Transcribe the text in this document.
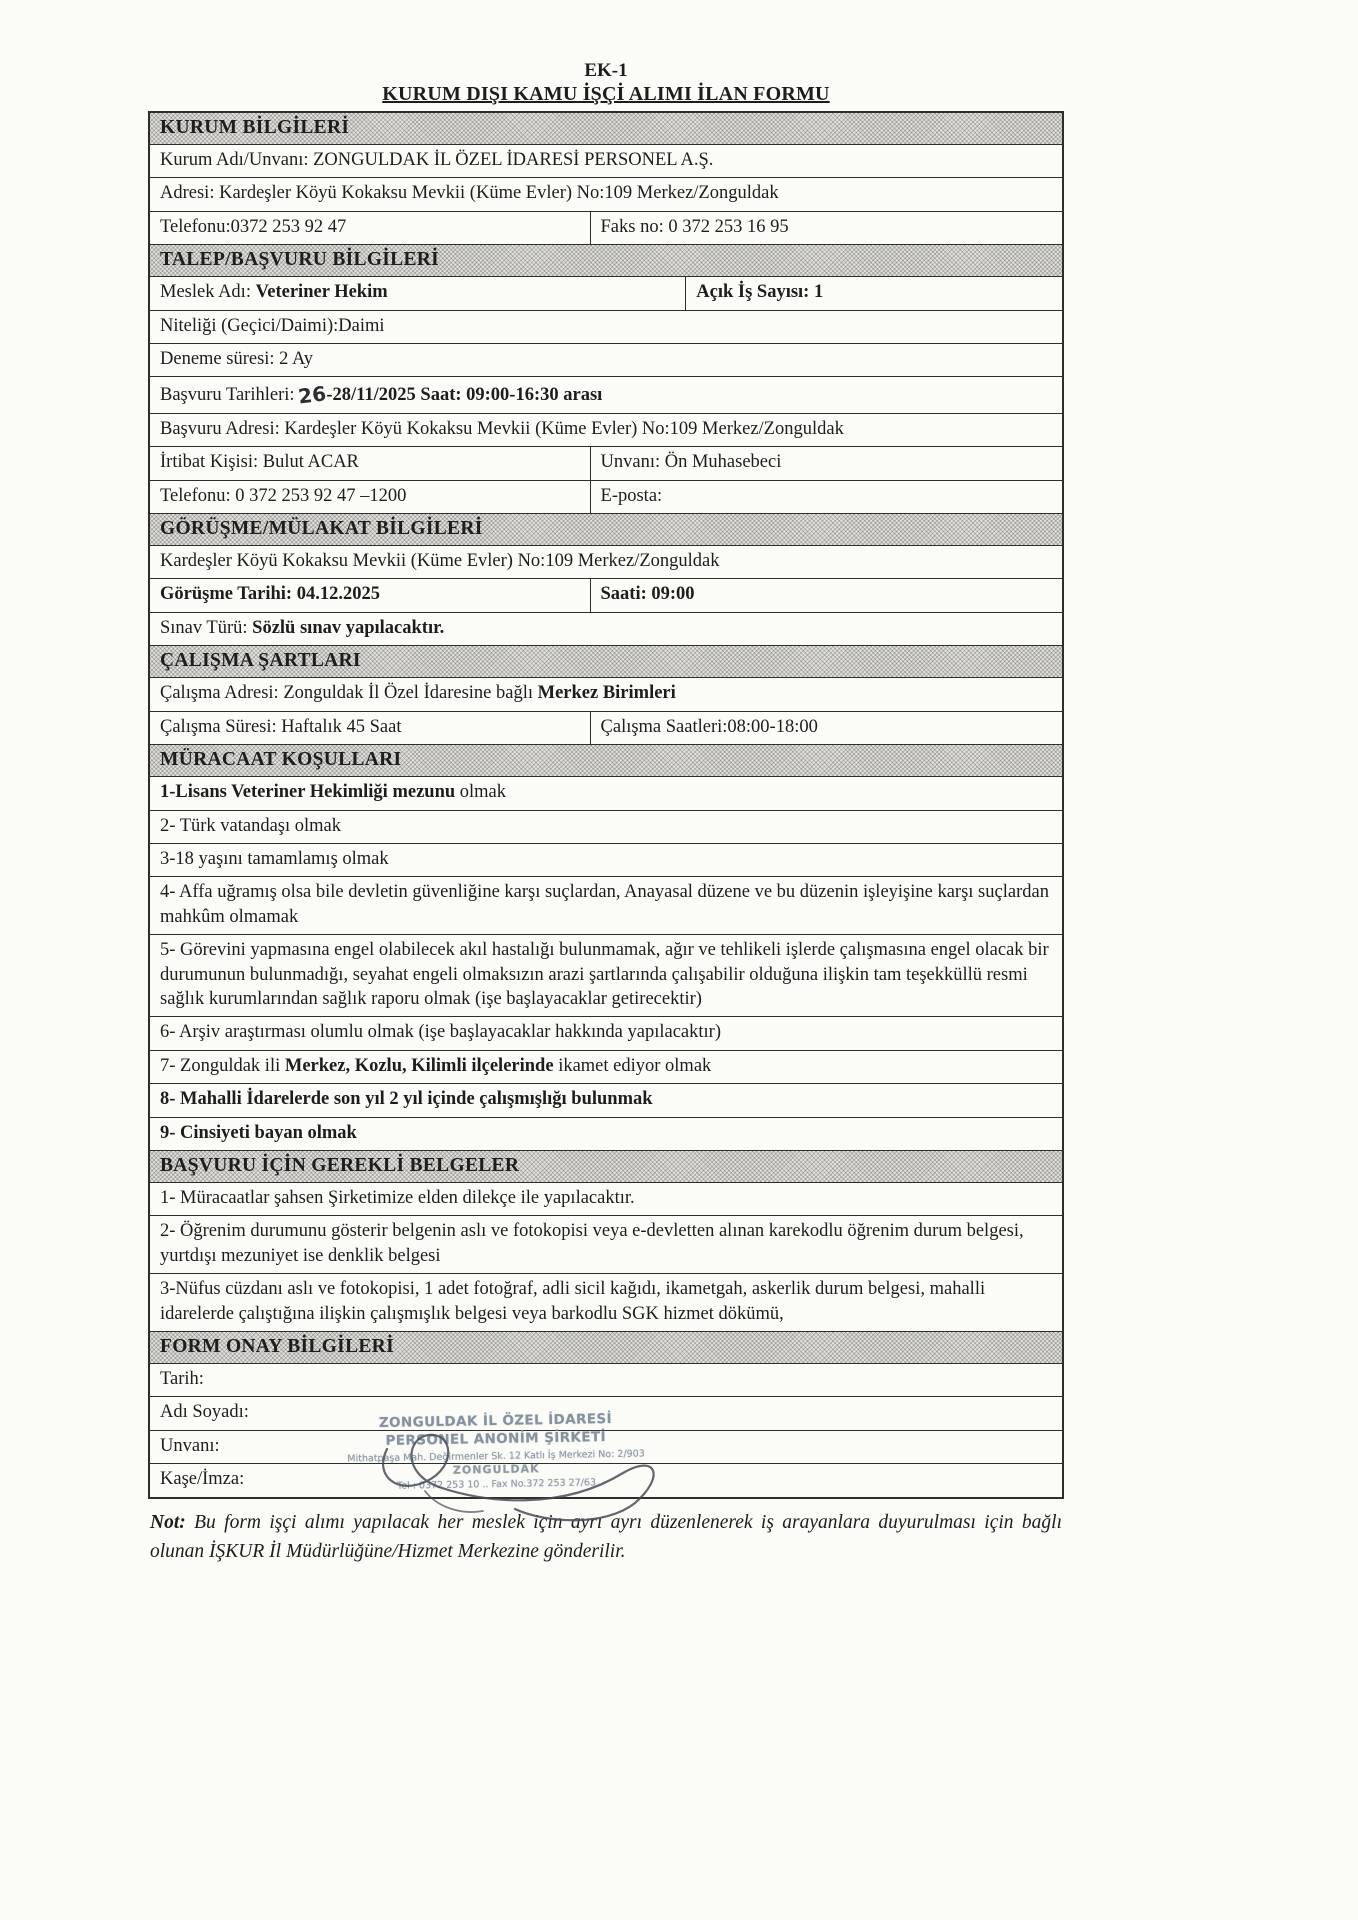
EK-1
KURUM DIŞI KAMU İŞÇİ ALIMI İLAN FORMU
KURUM BİLGİLERİ
Kurum Adı/Unvanı: ZONGULDAK İL ÖZEL İDARESİ PERSONEL A.Ş.
Adresi: Kardeşler Köyü Kokaksu Mevkii (Küme Evler) No:109 Merkez/Zonguldak
Telefonu:0372 253 92 47	Faks no: 0 372 253 16 95
TALEP/BAŞVURU BİLGİLERİ
Meslek Adı: Veteriner Hekim	Açık İş Sayısı: 1
Niteliği (Geçici/Daimi):Daimi
Deneme süresi: 2 Ay
Başvuru Tarihleri:26-28/11/2025 Saat: 09:00-16:30 arası
Başvuru Adresi: Kardeşler Köyü Kokaksu Mevkii (Küme Evler) No:109 Merkez/Zonguldak
İrtibat Kişisi: Bulut ACAR	Unvanı: Ön Muhasebeci
Telefonu: 0 372 253 92 47 –1200	E-posta:
GÖRÜŞME/MÜLAKAT BİLGİLERİ
Kardeşler Köyü Kokaksu Mevkii (Küme Evler) No:109 Merkez/Zonguldak
Görüşme Tarihi: 04.12.2025	Saati: 09:00
Sınav Türü: Sözlü sınav yapılacaktır.
ÇALIŞMA ŞARTLARI
Çalışma Adresi: Zonguldak İl Özel İdaresine bağlı Merkez Birimleri
Çalışma Süresi: Haftalık 45 Saat	Çalışma Saatleri:08:00-18:00
MÜRACAAT KOŞULLARI
1-Lisans Veteriner Hekimliği mezunu olmak
2- Türk vatandaşı olmak
3-18 yaşını tamamlamış olmak
4- Affa uğramış olsa bile devletin güvenliğine karşı suçlardan, Anayasal düzene ve bu düzenin işleyişine karşı suçlardan mahkûm olmamak
5- Görevini yapmasına engel olabilecek akıl hastalığı bulunmamak, ağır ve tehlikeli işlerde çalışmasına engel olacak bir durumunun bulunmadığı, seyahat engeli olmaksızın arazi şartlarında çalışabilir olduğuna ilişkin tam teşekküllü resmi sağlık kurumlarından sağlık raporu olmak (işe başlayacaklar getirecektir)
6- Arşiv araştırması olumlu olmak (işe başlayacaklar hakkında yapılacaktır)
7- Zonguldak ili Merkez, Kozlu, Kilimli ilçelerinde ikamet ediyor olmak
8- Mahalli İdarelerde son yıl 2 yıl içinde çalışmışlığı bulunmak
9- Cinsiyeti bayan olmak
BAŞVURU İÇİN GEREKLİ BELGELER
1- Müracaatlar şahsen Şirketimize elden dilekçe ile yapılacaktır.
2- Öğrenim durumunu gösterir belgenin aslı ve fotokopisi veya e-devletten alınan karekodlu öğrenim durum belgesi, yurtdışı mezuniyet ise denklik belgesi
3-Nüfus cüzdanı aslı ve fotokopisi, 1 adet fotoğraf, adli sicil kağıdı, ikametgah, askerlik durum belgesi, mahalli idarelerde çalıştığına ilişkin çalışmışlık belgesi veya barkodlu SGK hizmet dökümü,
FORM ONAY BİLGİLERİ
Tarih:
Adı Soyadı:
Unvanı:
Kaşe/İmza:
ZONGULDAK İL ÖZEL İDARESİ
PERSONEL ANONİM ŞİRKETİ
Mithatpaşa Mah. Değirmenler Sk. 12 Katlı İş Merkezi No: 2/903
ZONGULDAK
Tel : 0372 253 10 .. Fax No.372 253 27/63
Not: Bu form işçi alımı yapılacak her meslek için ayrı ayrı düzenlenerek iş arayanlara duyurulması için bağlı olunan İŞKUR İl Müdürlüğüne/Hizmet Merkezine gönderilir.
